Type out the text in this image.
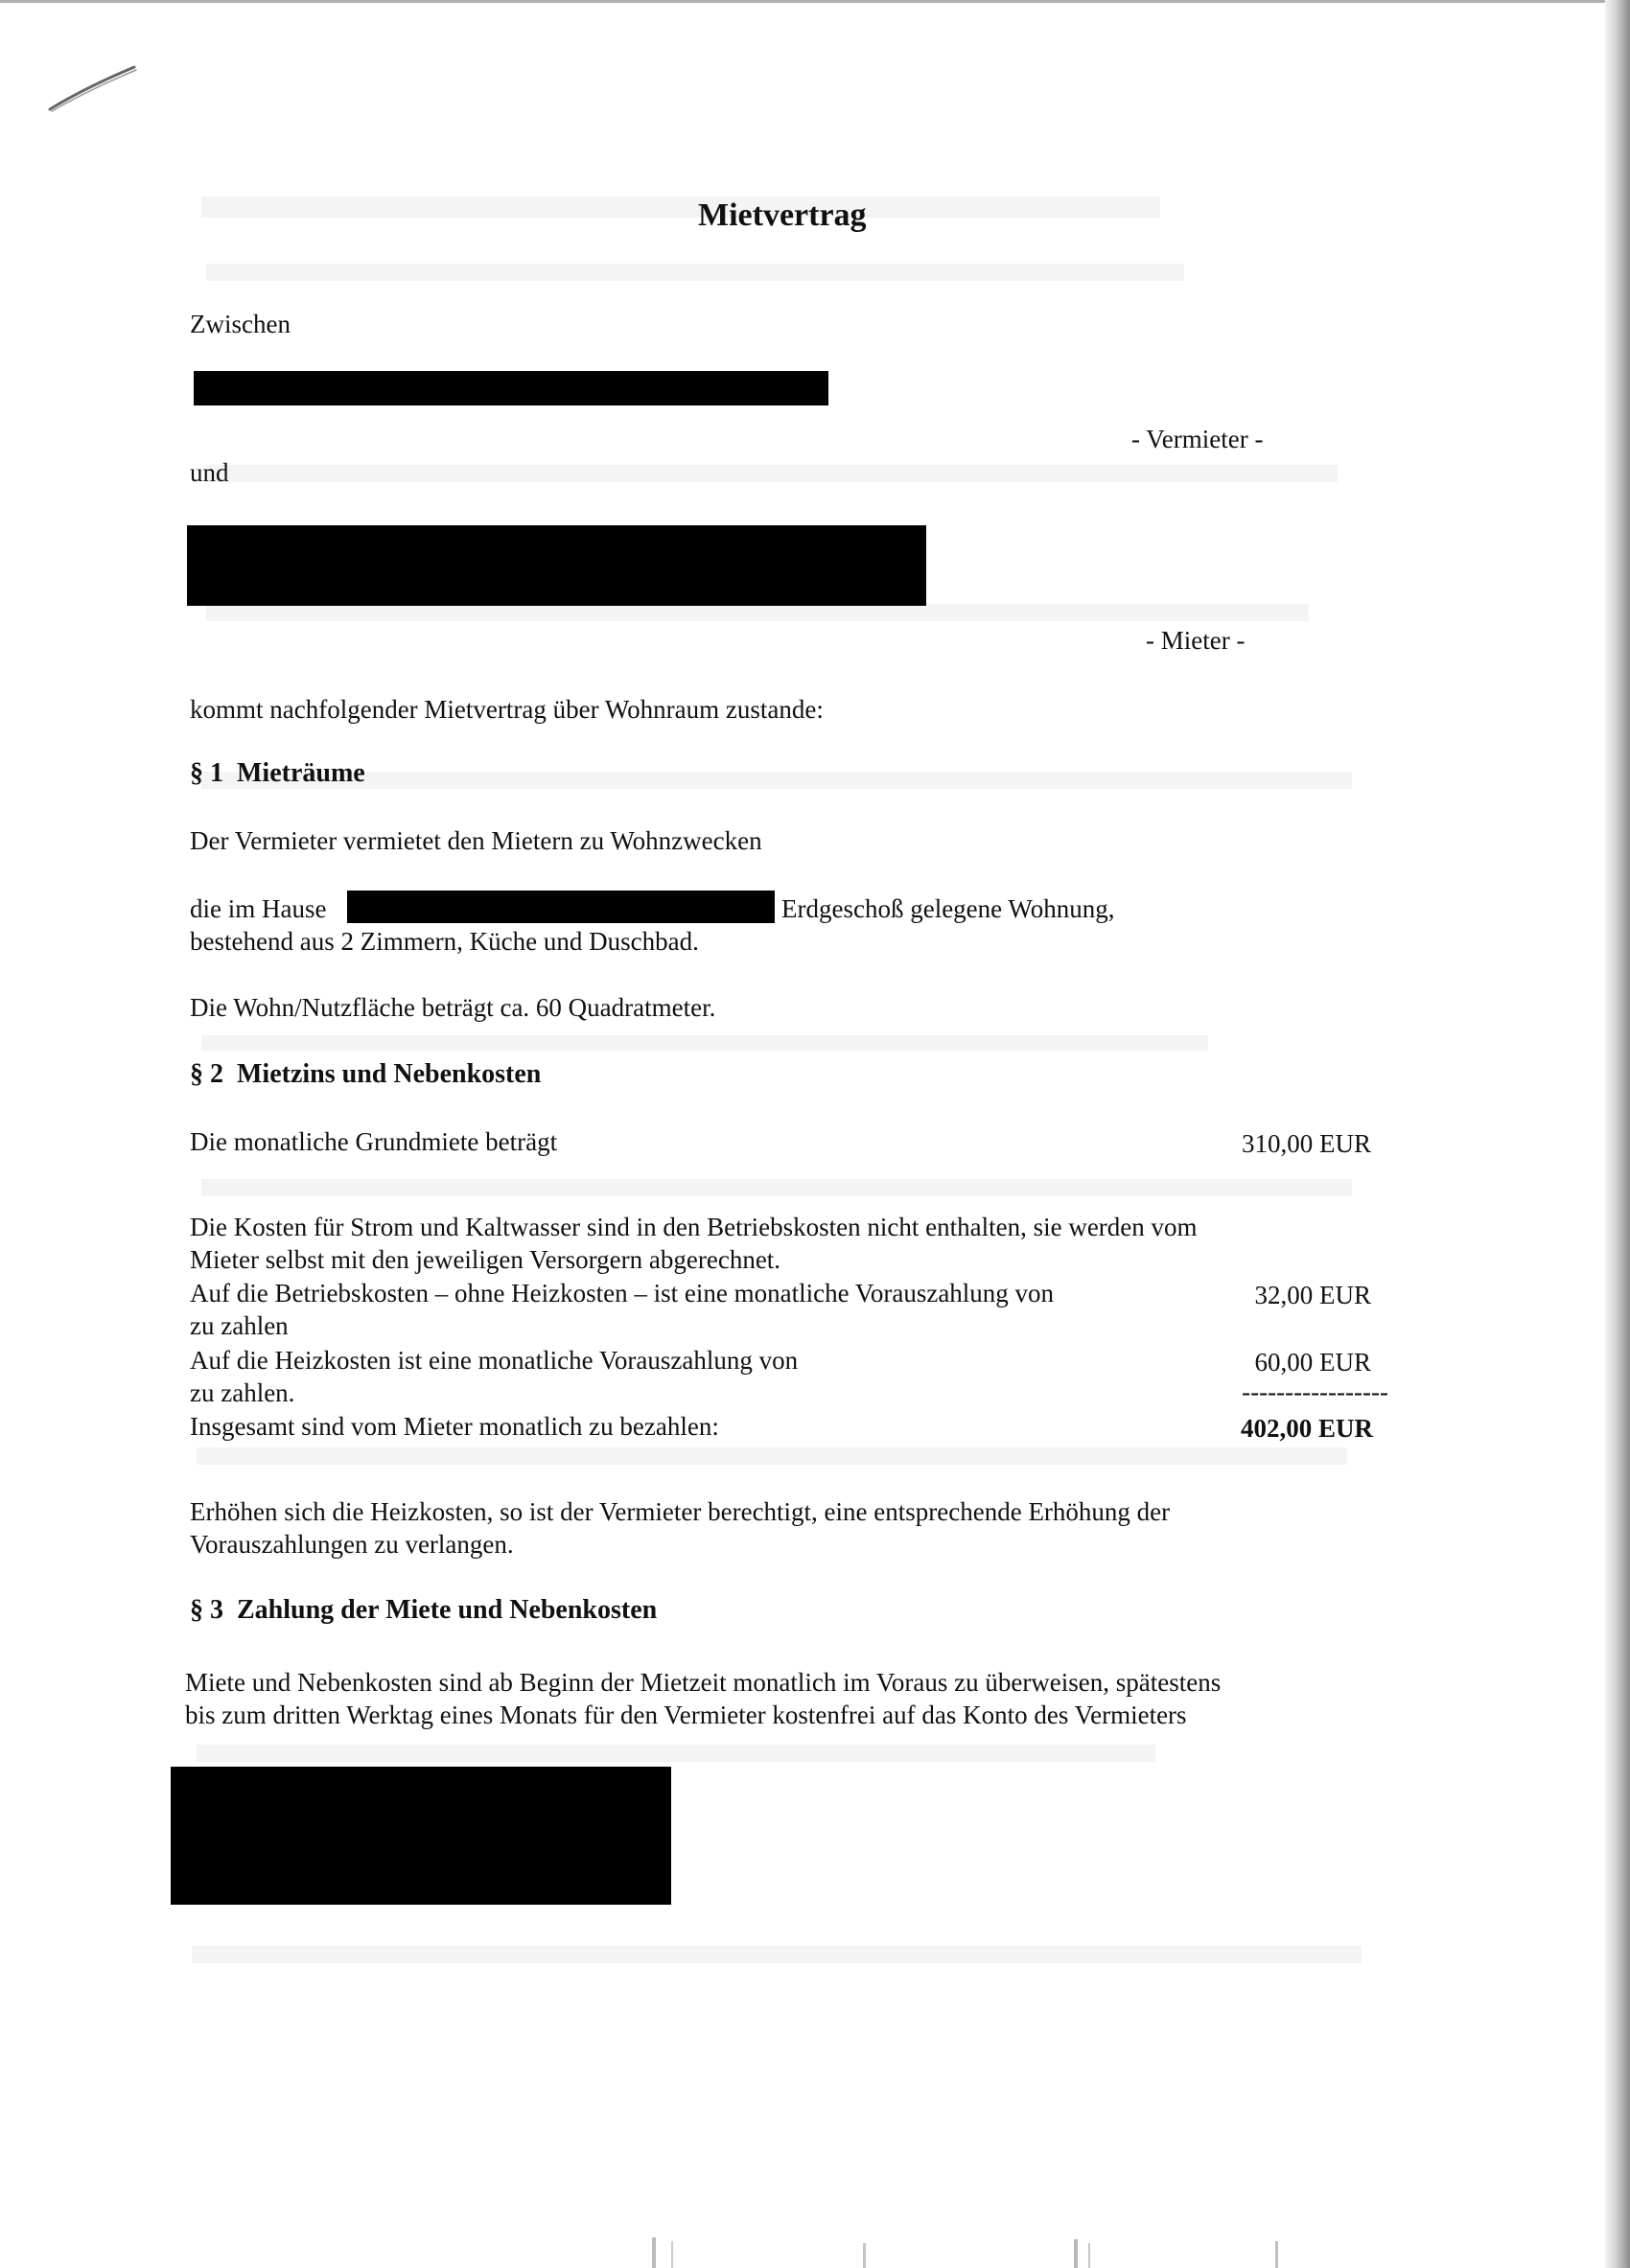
Mietvertrag
Zwischen
- Vermieter -
und
- Mieter -
kommt nachfolgender Mietvertrag über Wohnraum zustande:
§ 1  Mieträume
Der Vermieter vermietet den Mietern zu Wohnzwecken
die im Hause	Erdgeschoß gelegene Wohnung,
bestehend aus 2 Zimmern, Küche und Duschbad.
Die Wohn/Nutzfläche beträgt ca. 60 Quadratmeter.
§ 2  Mietzins und Nebenkosten
Die monatliche Grundmiete beträgt	310,00 EUR
Die Kosten für Strom und Kaltwasser sind in den Betriebskosten nicht enthalten, sie werden vom
Mieter selbst mit den jeweiligen Versorgern abgerechnet.
Auf die Betriebskosten – ohne Heizkosten – ist eine monatliche Vorauszahlung von	32,00 EUR
zu zahlen
Auf die Heizkosten ist eine monatliche Vorauszahlung von	60,00 EUR
zu zahlen.	-----------------
Insgesamt sind vom Mieter monatlich zu bezahlen:	402,00 EUR
Erhöhen sich die Heizkosten, so ist der Vermieter berechtigt, eine entsprechende Erhöhung der
Vorauszahlungen zu verlangen.
§ 3  Zahlung der Miete und Nebenkosten
Miete und Nebenkosten sind ab Beginn der Mietzeit monatlich im Voraus zu überweisen, spätestens
bis zum dritten Werktag eines Monats für den Vermieter kostenfrei auf das Konto des Vermieters
